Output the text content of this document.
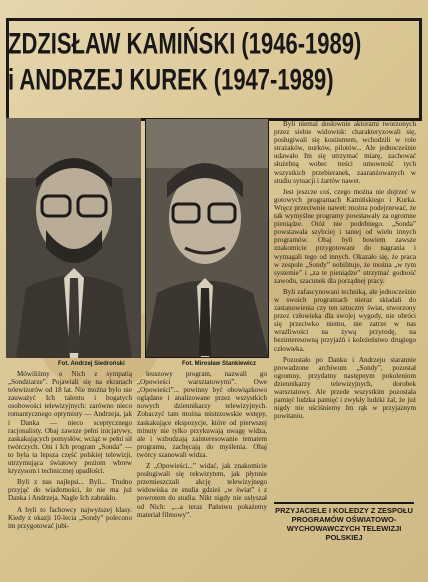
ZDZISŁAW KAMIŃSKI (1946-1989)
i ANDRZEJ KUREK (1947-1989)
Fot. Andrzej Siedroński	Fot. Mirosław Stankiewicz

Mówiliśmy o Nich z sympatią „Sondziarze”. Pojawiali się na ekranach telewizorów od 18 lat. Nie można było nie zauważyć Ich talentu i bogatych osobowości telewizyjnych: zarówno nieco romantycznego optymisty — Andrzeja, jak i Danka — nieco sceptycznego racjonalisty. Obaj zawsze pełni inicjatywy, zaskakujących pomysłów, wciąż w pełni sił twórczych. Oni i Ich program „Sonda” — to była ta lepsza część polskiej telewizji, utrzymująca światowy poziom wbrew kryzysom i technicznej upadłości.

Byli z nas najlepsi... Byli... Trudno przyjąć do wiadomości, że nie ma już Danka i Andrzeja. Nagle Ich zabrakło.

A byli to fachowcy najwyższej klasy. Kiedy z okazji 10-lecia „Sondy” polecono im przygotować jubi-

leuszowy program, nazwali go „Opowieści warsztatowymi”. Owe „Opowieści”... powinny być obowiązkowo oglądane i analizowane przez wszystkich nowych dziennikarzy telewizyjnych. Zobaczyć tam można mistrzowskie wstępy, zaskakujące ekspozycje, które od pierwszej minuty nie tylko przykuwają uwagę widza, ale i wzbudzają zainteresowanie tematem programu, zachęcają do myślenia. Obaj twórcy szanowali widza.

Z „Opowieści...” widać, jak znakomicie posługiwali się rekwizytem, jak płynnie przemieszczali akcję telewizyjnego widowiska ze studia gdzieś „w świat” i z powrotem do studia. Nikt nigdy nie usłyszał od Nich: „...a teraz Państwu pokażemy materiał filmowy”.

Byli niemal dosłownie aktorami tworzonych przez siebie widowisk: charakteryzowali się, posługiwali się kostiumem, wchodzili w role strażaków, nurków, pilotów... Ale jednocześnie udawało Im się utrzymać miarę, zachować służebną wobec treści umowność tych wszystkich przebieranek, zaaranżowanych w studiu sytuacji i żartów nawet.

Jest jeszcze coś, czego można nie dojrzeć w gotowych programach Kamińskiego i Kurka. Wręcz przeciwnie nawet: można podejrzewać, że tak wymyślne programy powstawały za ogromne pieniądze. Otóż nie podobnego. „Sonda” powstawała szybciej i taniej od wielu innych programów. Obaj byli bowiem zawsze znakomicie przygotowani do nagrania i wymagali tego od innych. Okazało się, że praca w zespole „Sondy” nobilituje, że można „w tym systemie” i „za te pieniądze” utrzymać godność zawodu, szacunek dla porządnej pracy.

Byli zafascynowani techniką, ale jednocześnie w swoich programach nieraz składali do zastanowienia czy ten sztuczny świat, stworzony przez człowieka dla swojej wygody, nie obróci się przeciwko niemu, nie zatrze w nas wrażliwości na żywą przyrodę, na bezinteresowną przyjaźń i koleżeństwo drugiego człowieka.

Pozostało po Danku i Andrzeju starannie prowadzone archiwum „Sondy”, pozostał ogromny, przydatny następnym pokoleniom dziennikarzy telewizyjnych, dorobek warsztatowy. Ale przede wszystkim pozostała pamięć ludzka pamięć i zwykły ludzki żal, że już nigdy nie uściśniemy Im rąk w przyjaznym powitaniu.

PRZYJACIELE I KOLEDZY Z ZESPOŁU PROGRAMÓW OŚWIATOWO-WYCHOWAWCZYCH TELEWIZJI POLSKIEJ
